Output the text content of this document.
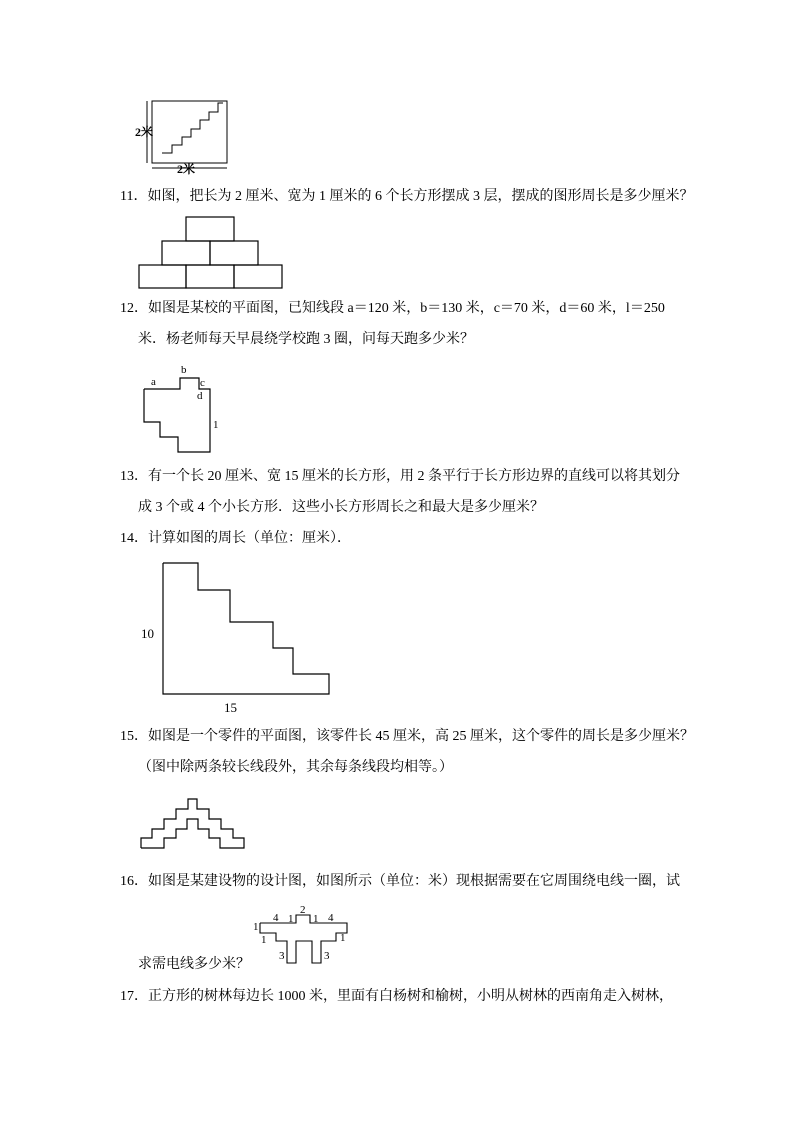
2米
2米
11．如图，把长为 2 厘米、宽为 1 厘米的 6 个长方形摆成 3 层，摆成的图形周长是多少厘米？
12．如图是某校的平面图，已知线段 a＝120 米，b＝130 米，c＝70 米，d＝60 米，l＝250
米．杨老师每天早晨绕学校跑 3 圈，问每天跑多少米？
a
b
c
d
1
13．有一个长 20 厘米、宽 15 厘米的长方形，用 2 条平行于长方形边界的直线可以将其划分
成 3 个或 4 个小长方形．这些小长方形周长之和最大是多少厘米？
14．计算如图的周长（单位：厘米）．
10
15
15．如图是一个零件的平面图，该零件长 45 厘米，高 25 厘米，这个零件的周长是多少厘米？
（图中除两条较长线段外，其余每条线段均相等。）
16．如图是某建设物的设计图，如图所示（单位：米）现根据需要在它周围绕电线一圈，试
2
1
4 1 1 4
1	1
3	3
求需电线多少米？
17．正方形的树林每边长 1000 米，里面有白杨树和榆树，小明从树林的西南角走入树林，
